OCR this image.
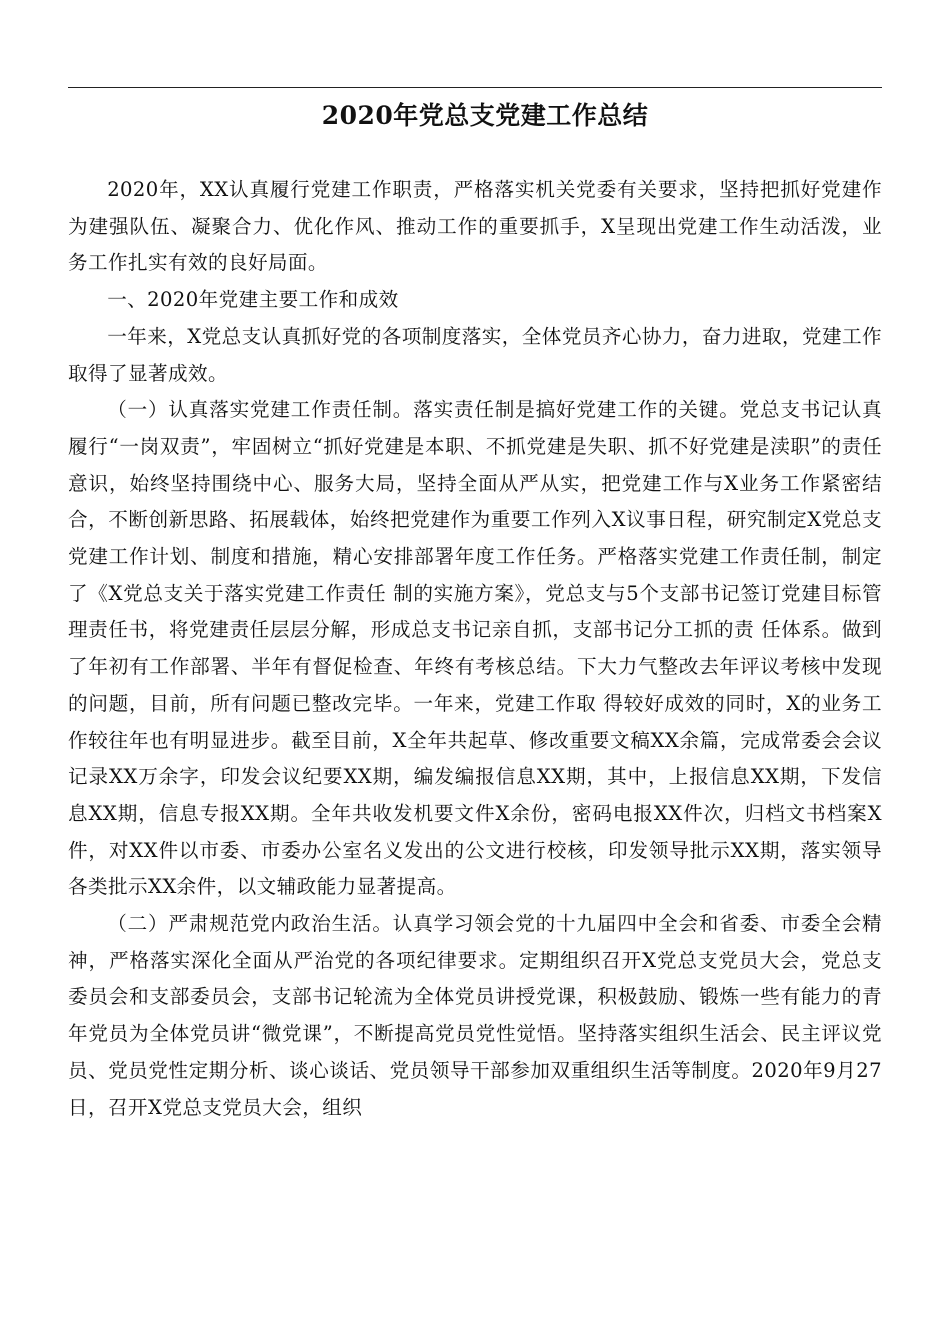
2020年党总支党建工作总结

2020年，XX认真履行党建工作职责，严格落实机关党委有关要求，坚持把抓好党建作为建强队伍、凝聚合力、优化作风、推动工作的重要抓手，X呈现出党建工作生动活泼，业务工作扎实有效的良好局面。

一、2020年党建主要工作和成效

一年来，X党总支认真抓好党的各项制度落实，全体党员齐心协力，奋力进取，党建工作取得了显著成效。

（一）认真落实党建工作责任制。落实责任制是搞好党建工作的关键。党总支书记认真履行“一岗双责”，牢固树立“抓好党建是本职、不抓党建是失职、抓不好党建是渎职”的责任意识，始终坚持围绕中心、服务大局，坚持全面从严从实，把党建工作与X业务工作紧密结合，不断创新思路、拓展载体，始终把党建作为重要工作列入X议事日程，研究制定X党总支党建工作计划、制度和措施，精心安排部署年度工作任务。严格落实党建工作责任制，制定了《X党总支关于落实党建工作责任 制的实施方案》，党总支与5个支部书记签订党建目标管理责任书，将党建责任层层分解，形成总支书记亲自抓，支部书记分工抓的责 任体系。做到了年初有工作部署、半年有督促检查、年终有考核总结。下大力气整改去年评议考核中发现的问题，目前，所有问题已整改完毕。一年来，党建工作取 得较好成效的同时，X的业务工作较往年也有明显进步。截至目前，X全年共起草、修改重要文稿XX余篇，完成常委会会议记录XX万余字，印发会议纪要XX期，编发编报信息XX期，其中，上报信息XX期，下发信息XX期，信息专报XX期。全年共收发机要文件X余份，密码电报XX件次，归档文书档案X件，对XX件以市委、市委办公室名义发出的公文进行校核，印发领导批示XX期，落实领导各类批示XX余件，以文辅政能力显著提高。

（二）严肃规范党内政治生活。认真学习领会党的十九届四中全会和省委、市委全会精神，严格落实深化全面从严治党的各项纪律要求。定期组织召开X党总支党员大会，党总支委员会和支部委员会，支部书记轮流为全体党员讲授党课，积极鼓励、锻炼一些有能力的青年党员为全体党员讲“微党课”，不断提高党员党性觉悟。坚持落实组织生活会、民主评议党员、党员党性定期分析、谈心谈话、党员领导干部参加双重组织生活等制度。2020年9月27日，召开X党总支党员大会，组织
